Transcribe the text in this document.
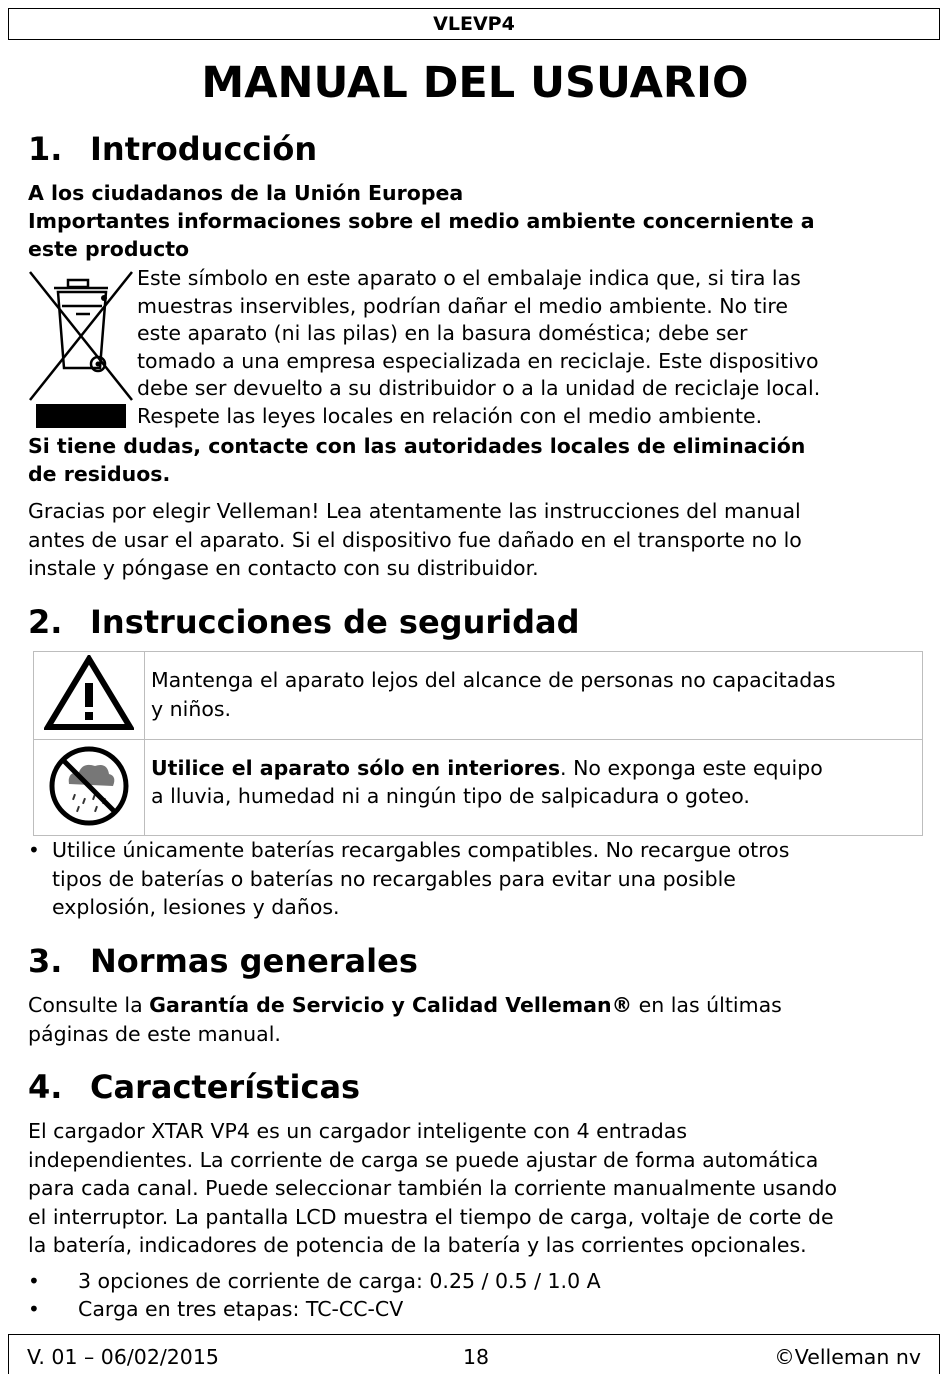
VLEVP4
MANUAL DEL USUARIO
1. Introducción

A los ciudadanos de la Unión Europea

Importantes informaciones sobre el medio ambiente concerniente a

este producto

Este símbolo en este aparato o el embalaje indica que, si tira las

muestras inservibles, podrían dañar el medio ambiente. No tire

este aparato (ni las pilas) en la basura doméstica; debe ser

tomado a una empresa especializada en reciclaje. Este dispositivo

debe ser devuelto a su distribuidor o a la unidad de reciclaje local.

Respete las leyes locales en relación con el medio ambiente.

Si tiene dudas, contacte con las autoridades locales de eliminación

de residuos.

Gracias por elegir Velleman! Lea atentamente las instrucciones del manual

antes de usar el aparato. Si el dispositivo fue dañado en el transporte no lo

instale y póngase en contacto con su distribuidor.

2. Instrucciones de seguridad

Mantenga el aparato lejos del alcance de personas no capacitadas
y niños.

Utilice el aparato sólo en interiores. No exponga este equipo
a lluvia, humedad ni a ningún tipo de salpicadura o goteo.
• Utilice únicamente baterías recargables compatibles. No recargue otros

tipos de baterías o baterías no recargables para evitar una posible

explosión, lesiones y daños.

3. Normas generales

Consulte la Garantía de Servicio y Calidad Velleman® en las últimas

páginas de este manual.

4. Características

El cargador XTAR VP4 es un cargador inteligente con 4 entradas

independientes. La corriente de carga se puede ajustar de forma automática

para cada canal. Puede seleccionar también la corriente manualmente usando

el interruptor. La pantalla LCD muestra el tiempo de carga, voltaje de corte de

la batería, indicadores de potencia de la batería y las corrientes opcionales.

• 3 opciones de corriente de carga: 0.25 / 0.5 / 1.0 A

• Carga en tres etapas: TC-CC-CV

V. 01 – 06/02/2015	18	©Velleman nv
